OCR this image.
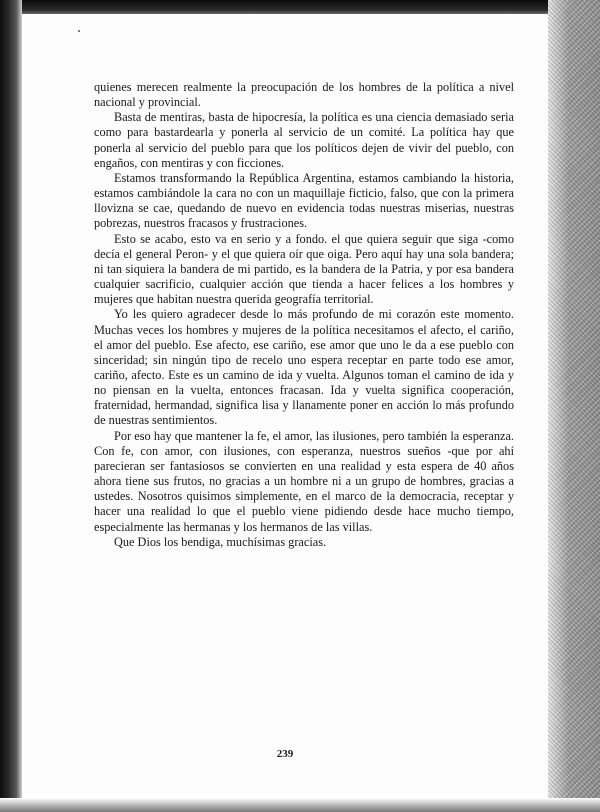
quienes merecen realmente la preocupación de los hombres de la política a nivel nacional y provincial.

Basta de mentiras, basta de hipocresía, la política es una ciencia demasiado seria como para bastardearla y ponerla al servicio de un comité. La política hay que ponerla al servicio del pueblo para que los políticos dejen de vivir del pueblo, con engaños, con mentiras y con ficciones.

Estamos transformando la República Argentina, estamos cambiando la historia, estamos cambiándole la cara no con un maquillaje ficticio, falso, que con la primera llovizna se cae, quedando de nuevo en evidencia todas nuestras miserias, nuestras pobrezas, nuestros fracasos y frustraciones.

Esto se acabo, esto va en serio y a fondo. el que quiera seguir que siga -como decía el general Peron- y el que quiera oír que oiga. Pero aquí hay una sola bandera; ni tan siquiera la bandera de mi partido, es la bandera de la Patria, y por esa bandera cualquier sacrificio, cualquier acción que tienda a hacer felices a los hombres y mujeres que habitan nuestra querida geografía territorial.

Yo les quiero agradecer desde lo más profundo de mi corazón este momento. Muchas veces los hombres y mujeres de la política necesitamos el afecto, el cariño, el amor del pueblo. Ese afecto, ese cariño, ese amor que uno le da a ese pueblo con sinceridad; sin ningún tipo de recelo uno espera receptar en parte todo ese amor, cariño, afecto. Este es un camino de ida y vuelta. Algunos toman el camino de ida y no piensan en la vuelta, entonces fracasan. Ida y vuelta significa cooperación, fraternidad, hermandad, significa lisa y llanamente poner en acción lo más profundo de nuestras sentimientos.

Por eso hay que mantener la fe, el amor, las ilusiones, pero también la esperanza. Con fe, con amor, con ilusiones, con esperanza, nuestros sueños -que por ahí parecieran ser fantasiosos se convierten en una realidad y esta espera de 40 años ahora tiene sus frutos, no gracias a un hombre ni a un grupo de hombres, gracias a ustedes. Nosotros quisimos simplemente, en el marco de la democracia, receptar y hacer una realidad lo que el pueblo viene pidiendo desde hace mucho tiempo, especialmente las hermanas y los hermanos de las villas.

Que Dios los bendiga, muchísimas gracias.

239
